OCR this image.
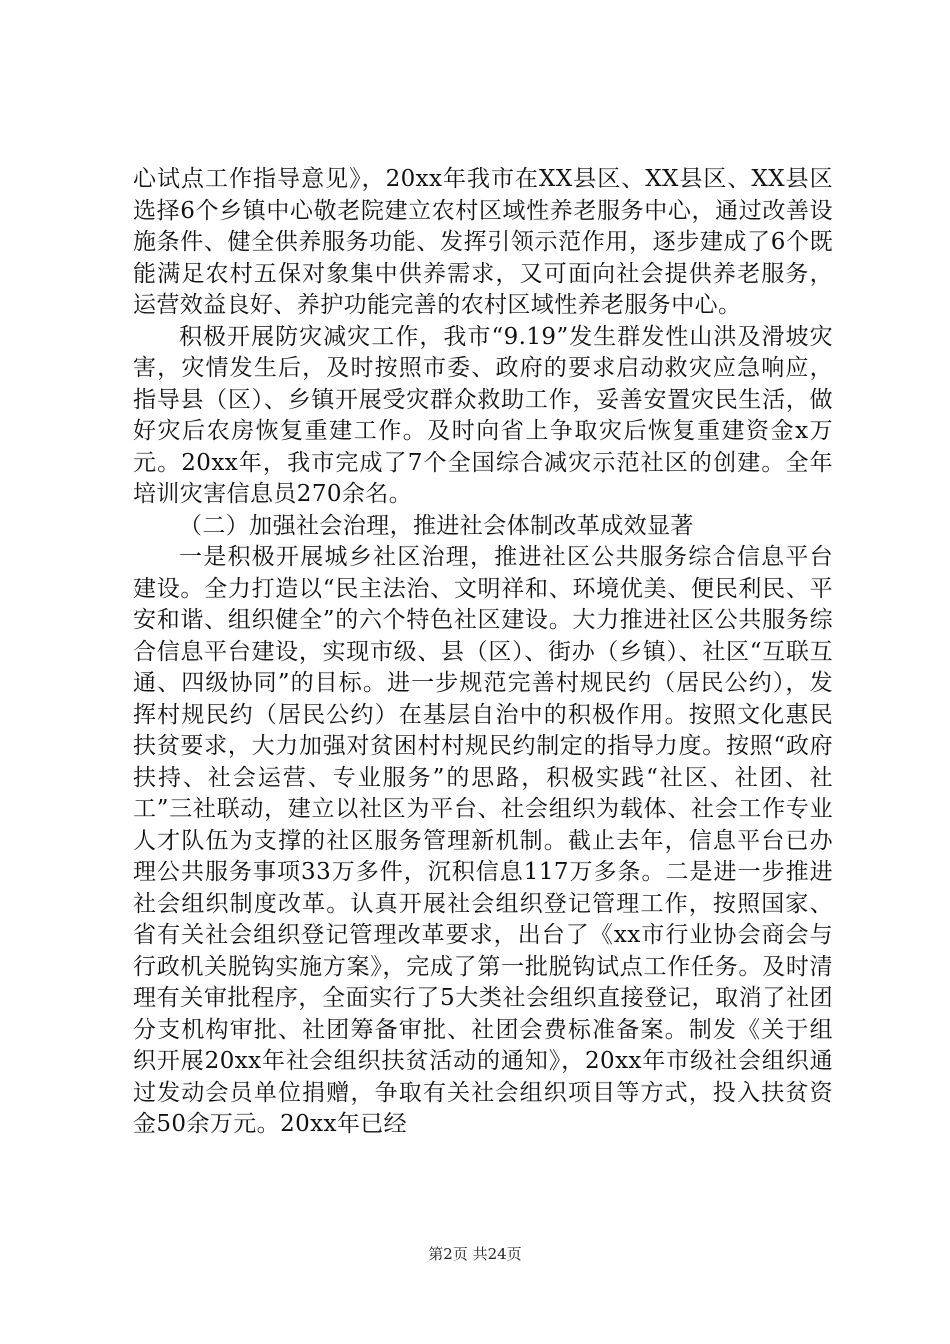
心试点工作指导意见》，20xx年我市在XX县区、XX县区、XX县区选择6个乡镇中心敬老院建立农村区域性养老服务中心，通过改善设施条件、健全供养服务功能、发挥引领示范作用，逐步建成了6个既能满足农村五保对象集中供养需求，又可面向社会提供养老服务，运营效益良好、养护功能完善的农村区域性养老服务中心。

积极开展防灾减灾工作，我市“9.19”发生群发性山洪及滑坡灾害，灾情发生后，及时按照市委、政府的要求启动救灾应急响应，指导县（区）、乡镇开展受灾群众救助工作，妥善安置灾民生活，做好灾后农房恢复重建工作。及时向省上争取灾后恢复重建资金x万元。20xx年，我市完成了7个全国综合减灾示范社区的创建。全年培训灾害信息员270余名。

（二）加强社会治理，推进社会体制改革成效显著

一是积极开展城乡社区治理，推进社区公共服务综合信息平台建设。全力打造以“民主法治、文明祥和、环境优美、便民利民、平安和谐、组织健全”的六个特色社区建设。大力推进社区公共服务综合信息平台建设，实现市级、县（区）、街办（乡镇）、社区“互联互通、四级协同”的目标。进一步规范完善村规民约（居民公约），发挥村规民约（居民公约）在基层自治中的积极作用。按照文化惠民扶贫要求，大力加强对贫困村村规民约制定的指导力度。按照“政府扶持、社会运营、专业服务”的思路，积极实践“社区、社团、社工”三社联动，建立以社区为平台、社会组织为载体、社会工作专业人才队伍为支撑的社区服务管理新机制。截止去年，信息平台已办理公共服务事项33万多件，沉积信息117万多条。二是进一步推进社会组织制度改革。认真开展社会组织登记管理工作，按照国家、省有关社会组织登记管理改革要求，出台了《xx市行业协会商会与行政机关脱钩实施方案》，完成了第一批脱钩试点工作任务。及时清理有关审批程序，全面实行了5大类社会组织直接登记，取消了社团分支机构审批、社团筹备审批、社团会费标准备案。制发《关于组织开展20xx年社会组织扶贫活动的通知》，20xx年市级社会组织通过发动会员单位捐赠，争取有关社会组织项目等方式，投入扶贫资金50余万元。20xx年已经

第2页 共24页
